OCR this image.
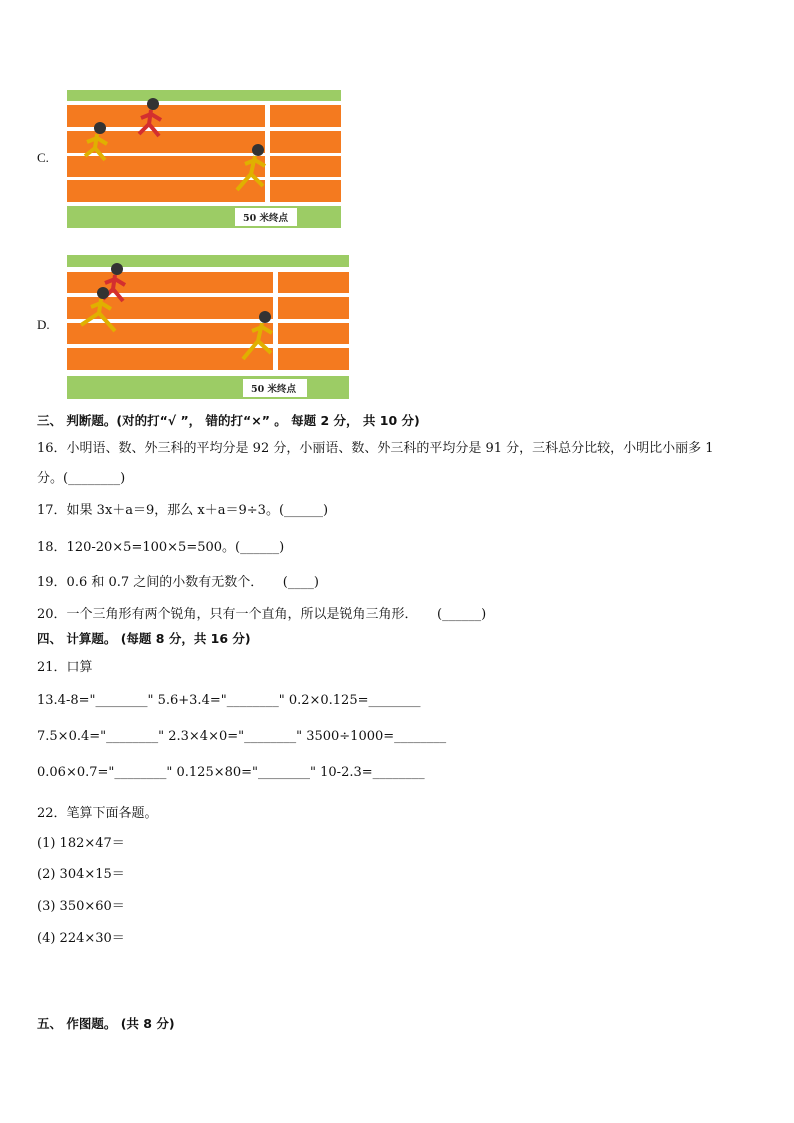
C.
50 米终点
D.
50 米终点
三、 判断题。(对的打“√ ”， 错的打“×” 。 每题 2 分， 共 10 分)
16．小明语、数、外三科的平均分是 92 分，小丽语、数、外三科的平均分是 91 分，三科总分比较，小明比小丽多 1
分。(________)
17．如果 3x＋a＝9，那么 x＋a＝9÷3。(______)
18．120-20×5=100×5=500。(______)
19．0.6 和 0.7 之间的小数有无数个．　　(____)
20．一个三角形有两个锐角，只有一个直角，所以是锐角三角形．　　(______)
四、 计算题。 (每题 8 分，共 16 分)
21．口算
13.4-8="________" 5.6+3.4="________" 0.2×0.125=________
7.5×0.4="________" 2.3×4×0="________" 3500÷1000=________
0.06×0.7="________" 0.125×80="________" 10-2.3=________
22．笔算下面各题。
(1) 182×47＝
(2) 304×15＝
(3) 350×60＝
(4) 224×30＝
五、 作图题。 (共 8 分)
